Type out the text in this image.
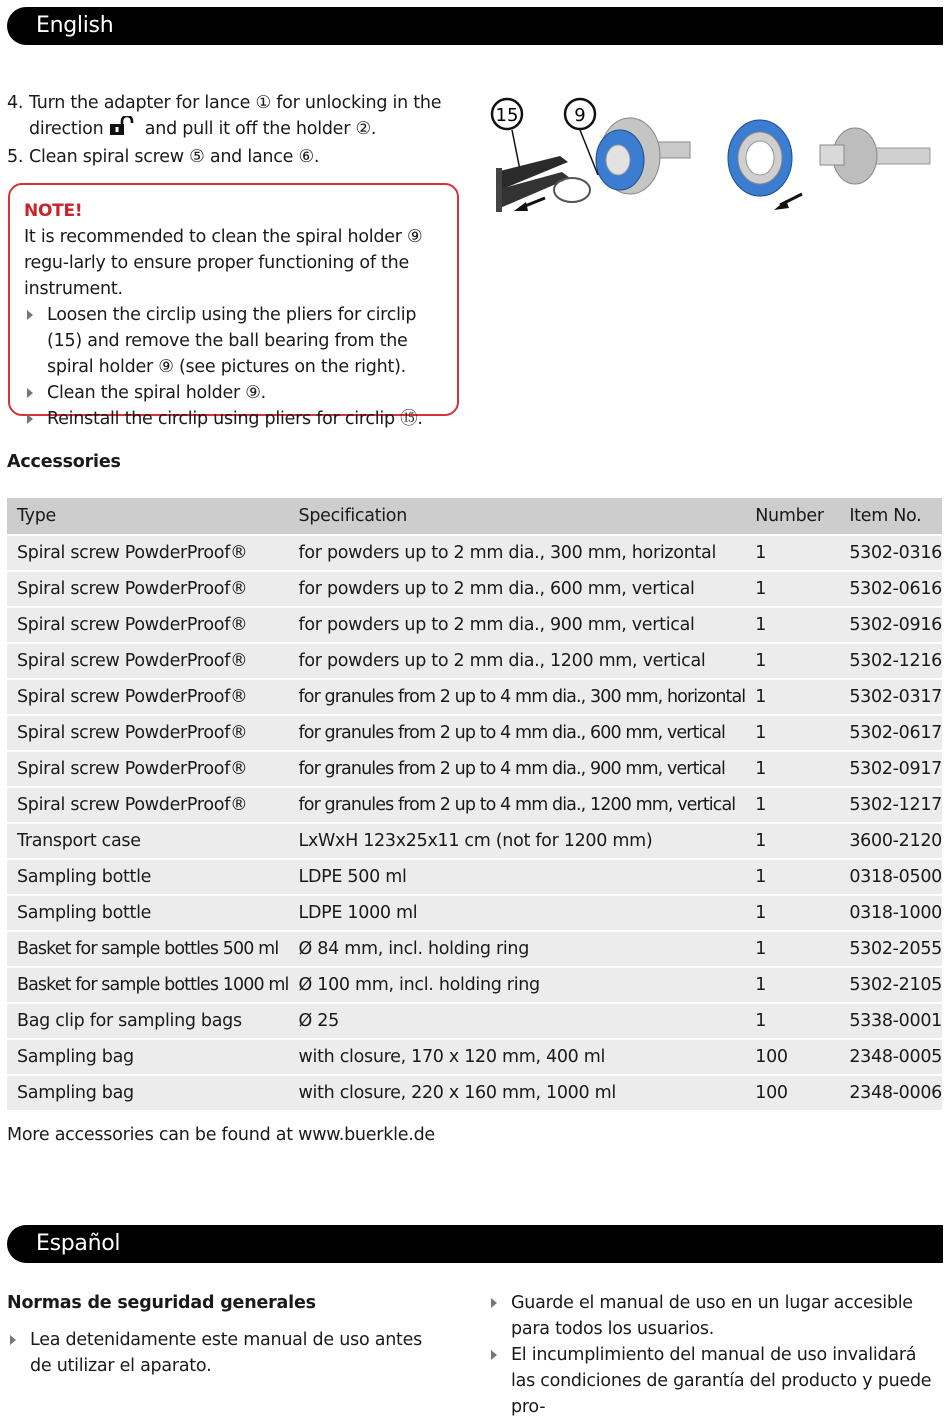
English
4. Turn the adapter for lance ① for unlocking in the
direction and pull it off the holder ②.
5. Clean spiral screw ⑤ and lance ⑥.
NOTE!
It is recommended to clean the spiral holder ⑨ regu-larly to ensure proper functioning of the instrument.
Loosen the circlip using the pliers for circlip (15) and remove the ball bearing from the spiral holder ⑨ (see pictures on the right).
Clean the spiral holder ⑨.
Reinstall the circlip using pliers for circlip ⑮.
15	9
Accessories
Type	Specification	Number	Item No.
Spiral screw PowderProof®	for powders up to 2 mm dia., 300 mm, horizontal	1	5302-0316
Spiral screw PowderProof®	for powders up to 2 mm dia., 600 mm, vertical	1	5302-0616
Spiral screw PowderProof®	for powders up to 2 mm dia., 900 mm, vertical	1	5302-0916
Spiral screw PowderProof®	for powders up to 2 mm dia., 1200 mm, vertical	1	5302-1216
Spiral screw PowderProof®	for granules from 2 up to 4 mm dia., 300 mm, horizontal	1	5302-0317
Spiral screw PowderProof®	for granules from 2 up to 4 mm dia., 600 mm, vertical	1	5302-0617
Spiral screw PowderProof®	for granules from 2 up to 4 mm dia., 900 mm, vertical	1	5302-0917
Spiral screw PowderProof®	for granules from 2 up to 4 mm dia., 1200 mm, vertical	1	5302-1217
Transport case	LxWxH 123x25x11 cm (not for 1200 mm)	1	3600-2120
Sampling bottle	LDPE 500 ml	1	0318-0500
Sampling bottle	LDPE 1000 ml	1	0318-1000
Basket for sample bottles 500 ml	Ø 84 mm, incl. holding ring	1	5302-2055
Basket for sample bottles 1000 ml	Ø 100 mm, incl. holding ring	1	5302-2105
Bag clip for sampling bags	Ø 25	1	5338-0001
Sampling bag	with closure, 170 x 120 mm, 400 ml	100	2348-0005
Sampling bag	with closure, 220 x 160 mm, 1000 ml	100	2348-0006
More accessories can be found at www.buerkle.de
Español
Normas de seguridad generales
Lea detenidamente este manual de uso antes de utilizar el aparato.
Guarde el manual de uso en un lugar accesible para todos los usuarios.
El incumplimiento del manual de uso invalidará las condiciones de garantía del producto y puede pro-
